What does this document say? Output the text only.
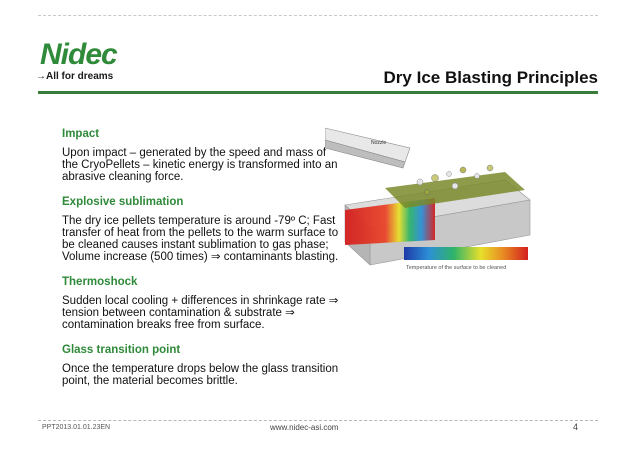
Nidec
→All for dreams	Dry Ice Blasting Principles
Impact
Upon impact – generated by the speed and mass of the CryoPellets – kinetic energy is transformed into an abrasive cleaning force.
Explosive sublimation
The dry ice pellets temperature is around -79º C; Fast transfer of heat from the pellets to the warm surface to be cleaned causes instant sublimation to gas phase; Volume increase (500 times) ⇒ contaminants blasting.
Thermoshock
Sudden local cooling + differences in shrinkage rate ⇒ tension between contamination & substrate ⇒ contamination breaks free from surface.
Glass transition point
Once the temperature drops below the glass transition point, the material becomes brittle.
Nozzle
Temperature of the surface to be cleaned
PPT2013.01.01.23EN	www.nidec-asi.com	4
